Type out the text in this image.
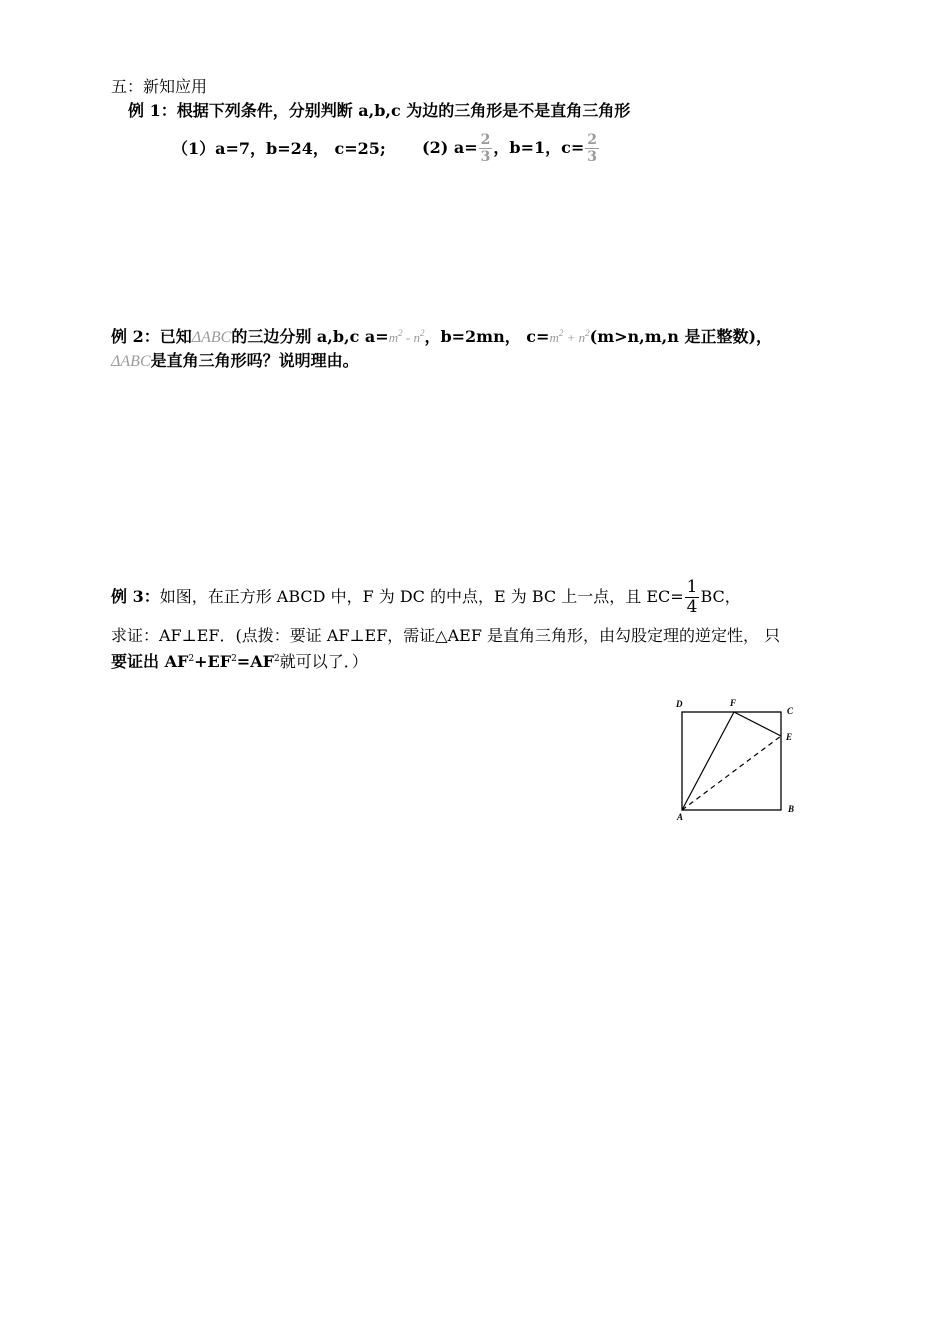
五：新知应用
例 1：根据下列条件，分别判断 a,b,c 为边的三角形是不是直角三角形
（1）a=7，b=24， c=25; (2) $a= \frac{2}{3}$ ，b=1，$c= \frac{2}{3}$
例 2：已知ΔABC的三边分别 a,b,c $a=m^2 - n^2$，b=2mn， $c=m^2 + n^2(m>n,m,n$ 是正整数)，
ΔABC是直角三角形吗？说明理由。
例 3：如图，在正方形 ABCD 中，F 为 DC 的中点，E 为 BC 上一点，且 $EC= \frac{1}{4}$ BC，
求证：AF⊥EF．(点拨：要证 AF⊥EF，需证△AEF 是直角三角形，由勾股定理的逆定性， 只
要证出 $AF^2+EF^2=AF^2$就可以了．）
D	F
C
E
A
B
